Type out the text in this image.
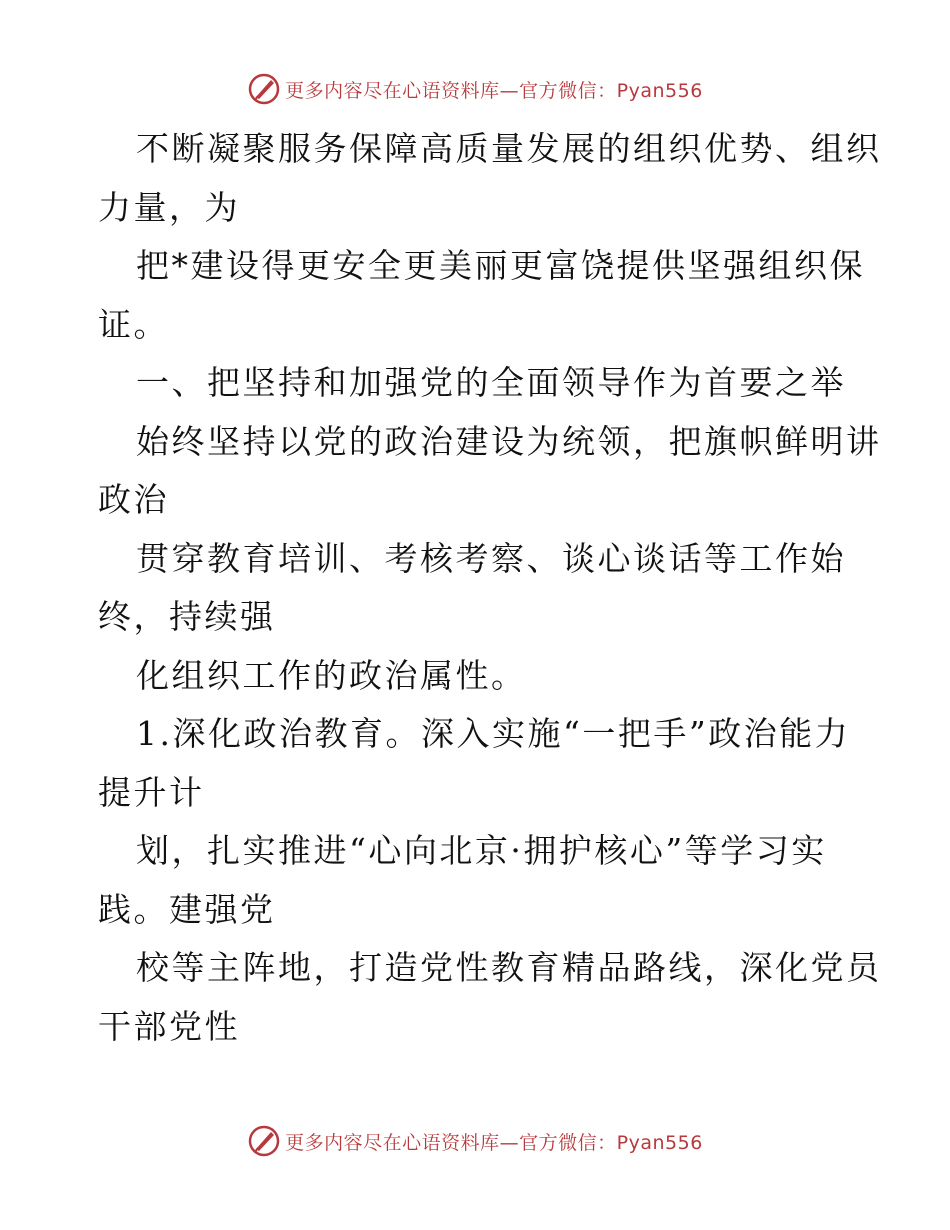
更多内容尽在心语资料库—官方微信：Pyan556
不断凝聚服务保障高质量发展的组织优势、组织
力量，为
把*建设得更安全更美丽更富饶提供坚强组织保
证。
一、把坚持和加强党的全面领导作为首要之举
始终坚持以党的政治建设为统领，把旗帜鲜明讲
政治
贯穿教育培训、考核考察、谈心谈话等工作始
终，持续强
化组织工作的政治属性。
1.深化政治教育。深入实施“一把手”政治能力
提升计
划，扎实推进“心向北京·拥护核心”等学习实
践。建强党
校等主阵地，打造党性教育精品路线，深化党员
干部党性
更多内容尽在心语资料库—官方微信：Pyan556
